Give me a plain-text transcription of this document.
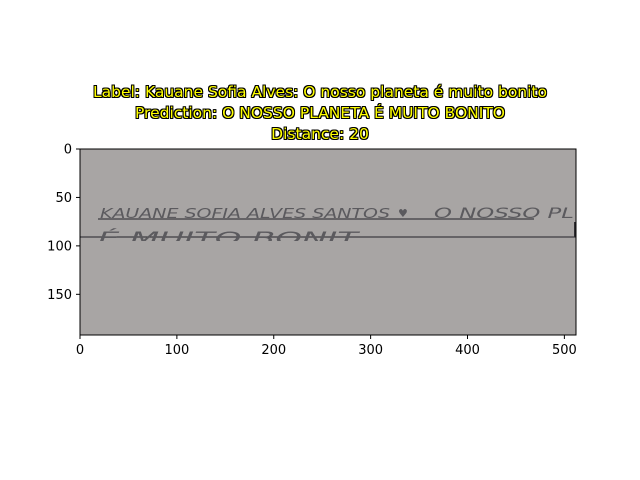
Label: Kauane Sofia Alves: O nosso planeta é muito bonito
Prediction: O NOSSO PLANETA É MUITO BONITO
Distance: 20
KAUANE SOFIA ALVES SANTOS ♥ O NOSSO PL
É MUITO BONIT
0	100	200	300	400	500
0
50
100
150
